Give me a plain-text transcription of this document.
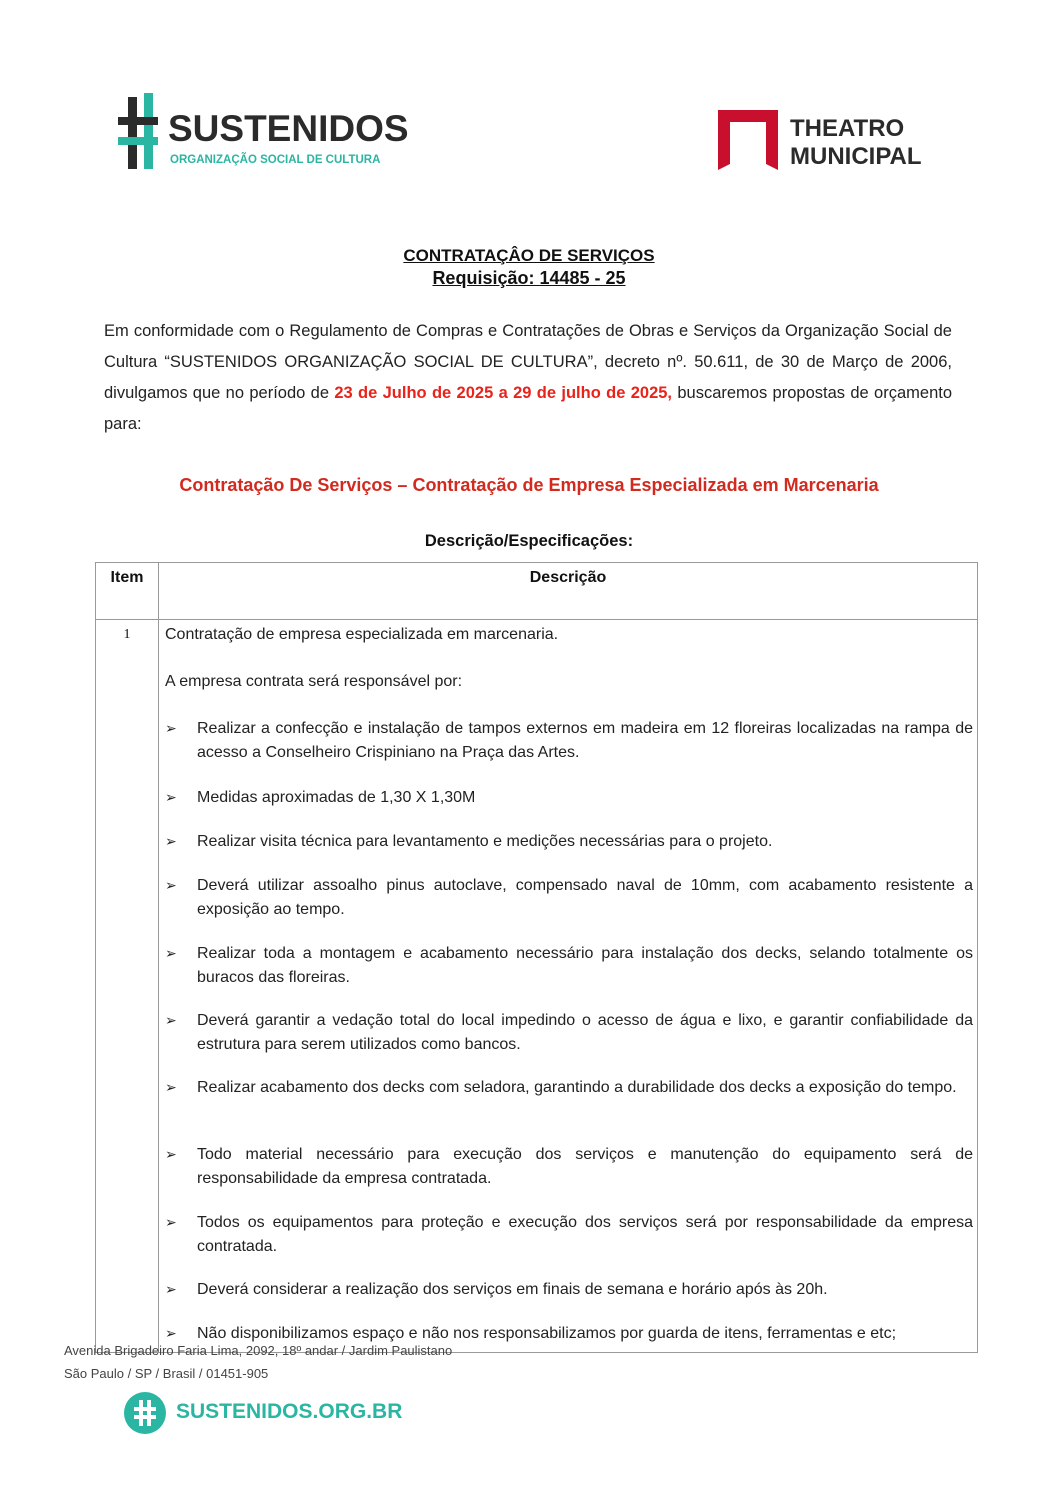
SUSTENIDOS
ORGANIZAÇÃO SOCIAL DE CULTURA
THEATRO
MUNICIPAL
CONTRATAÇÂO DE SERVIÇOS
Requisição: 14485 - 25
Em conformidade com o Regulamento de Compras e Contratações de Obras e Serviços da Organização Social de Cultura “SUSTENIDOS ORGANIZAÇÃO SOCIAL DE CULTURA”, decreto nº. 50.611, de 30 de Março de 2006, divulgamos que no período de 23 de Julho de 2025 a 29 de julho de 2025, buscaremos propostas de orçamento para:
Contratação De Serviços – Contratação de Empresa Especializada em Marcenaria
Descrição/Especificações:
Item	Descrição
1	Contratação de empresa especializada em marcenaria.

A empresa contrata será responsável por:

➢ Realizar a confecção e instalação de tampos externos em madeira em 12 floreiras localizadas na rampa de acesso a Conselheiro Crispiniano na Praça das Artes.
➢ Medidas aproximadas de 1,30 X 1,30M
➢ Realizar visita técnica para levantamento e medições necessárias para o projeto.
➢ Deverá utilizar assoalho pinus autoclave, compensado naval de 10mm, com acabamento resistente a exposição ao tempo.
➢ Realizar toda a montagem e acabamento necessário para instalação dos decks, selando totalmente os buracos das floreiras.
➢ Deverá garantir a vedação total do local impedindo o acesso de água e lixo, e garantir confiabilidade da estrutura para serem utilizados como bancos.
➢ Realizar acabamento dos decks com seladora, garantindo a durabilidade dos decks a exposição do tempo.
➢ Todo material necessário para execução dos serviços e manutenção do equipamento será de responsabilidade da empresa contratada.
➢ Todos os equipamentos para proteção e execução dos serviços será por responsabilidade da empresa contratada.
➢ Deverá considerar a realização dos serviços em finais de semana e horário após às 20h.
➢ Não disponibilizamos espaço e não nos responsabilizamos por guarda de itens, ferramentas e etc;
Avenida Brigadeiro Faria Lima, 2092, 18º andar / Jardim Paulistano
São Paulo / SP / Brasil / 01451-905
SUSTENIDOS.ORG.BR
